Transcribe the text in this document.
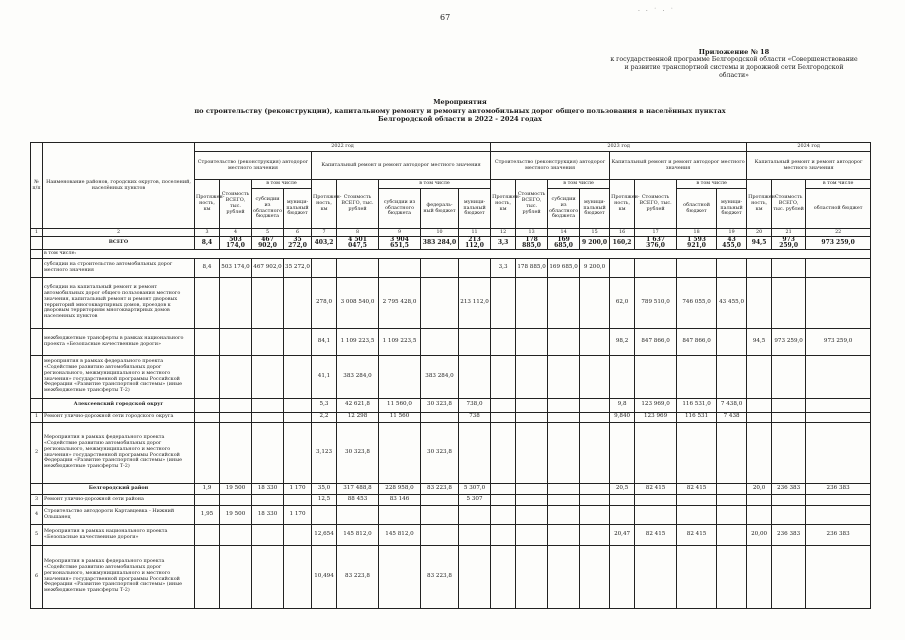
67
· · ˙ · ˙
Приложение № 18
к государственной программе Белгородской области «Совершенствование
и развитие транспортной системы и дорожной сети Белгородской
области»
Мероприятия
по строительству (реконструкции), капитальному ремонту и ремонту автомобильных дорог общего пользования в населённых пунктах
Белгородской области в 2022 - 2024 годах
№ п/п	Наименование районов, городских округов, поселений, населённых пунктов	2022 год									2023 год								2024 год		
		Строительство (реконструкция) автодорог местного значения				Капитальный ремонт и ремонт автодорог местного значения					Строительство (реконструкция) автодорог местного значения				Капитальный ремонт и ремонт автодорог местного значения				Капитальный ремонт и ремонт автодорог местного значения		
		Протяжен-ность, км	Стоимость ВСЕГО, тыс. рублей	в том числе		Протяжен-ность, км	Стоимость ВСЕГО, тыс. рублей	в том числе			Протяжен-ность, км	Стоимость ВСЕГО, тыс. рублей	в том числе		Протяжен-ность, км	Стоимость ВСЕГО, тыс. рублей	в том числе		Протяжен-ность, км	Стоимость ВСЕГО, тыс. рублей	в том числе
				субсидии из областного бюджета	муници-пальный бюджет			субсидии из областного бюджета	федераль-ный бюджет	муници-пальный бюджет			субсидии из областного бюджета	муници-пальный бюджет			областной бюджет	муници-пальный бюджет			областной бюджет
1	2	3	4	5	6	7	8	9	10	11	12	13	14	15	16	17	18	19	20	21	22
	ВСЕГО	8,4	503 174,0	467 902,0	35 272,0	403,2	4 501 047,5	3 904 651,5	383 284,0	213 112,0	3,3	178 885,0	169 685,0	9 200,0	160,2	1 637 376,0	1 593 921,0	43 455,0	94,5	973 259,0	973 259,0
	в том числе:																				
	субсидии на строительство автомобильных дорог местного значения	8,4	503 174,0	467 902,0	35 272,0						3,3	178 885,0	169 685,0	9 200,0							
	субсидии на капитальный ремонт и ремонт автомобильных дорог общего пользования местного значения, капитальный ремонт и ремонт дворовых территорий многоквартирных домов, проездов к дворовым территориям многоквартирных домов населенных пунктов					278,0	3 008 540,0	2 795 428,0		213 112,0					62,0	789 510,0	746 055,0	43 455,0			
	межбюджетные трансферты в рамках национального проекта «Безопасные качественные дороги»					84,1	1 109 223,5	1 109 223,5							98,2	847 866,0	847 866,0		94,5	973 259,0	973 259,0
	мероприятия в рамках федерального проекта «Содействие развитию автомобильных дорог регионального, межмуниципального и местного значения» государственной программы Российской Федерации «Развитие транспортной системы» (иные межбюджетные трансферты Т-2)					41,1	383 284,0		383 284,0												
	Алексеевский городской округ					5,3	42 621,8	11 560,0	30 323,8	738,0					9,8	123 969,0	116 531,0	7 438,0			
1	Ремонт улично-дорожной сети городского округа					2,2	12 298	11 560		738					9,840	123 969	116 531	7 438			
2	Мероприятия в рамках федерального проекта «Содействие развитию автомобильных дорог регионального, межмуниципального и местного значения» государственной программы Российской Федерации «Развитие транспортной системы» (иные межбюджетные трансферты Т-2)					3,123	30 323,8		30 323,8												
	Белгородский район	1,9	19 500	18 330	1 170	35,0	317 488,8	228 958,0	83 223,8	5 307,0					20,5	82 415	82 415		20,0	236 383	236 383
3	Ремонт улично-дорожной сети района					12,5	88 453	83 146		5 307											
4	Строительство автодороги Картавцевка - Нижний Ольшанец	1,95	19 500	18 330	1 170																
5	Мероприятия в рамках национального проекта «Безопасные качественные дороги»					12,654	145 812,0	145 812,0							20,47	82 415	82 415		20,00	236 383	236 383
6	Мероприятия в рамках федерального проекта «Содействие развитию автомобильных дорог регионального, межмуниципального и местного значения» государственной программы Российской Федерации «Развитие транспортной системы» (иные межбюджетные трансферты Т-2)					10,494	83 223,8		83 223,8												
